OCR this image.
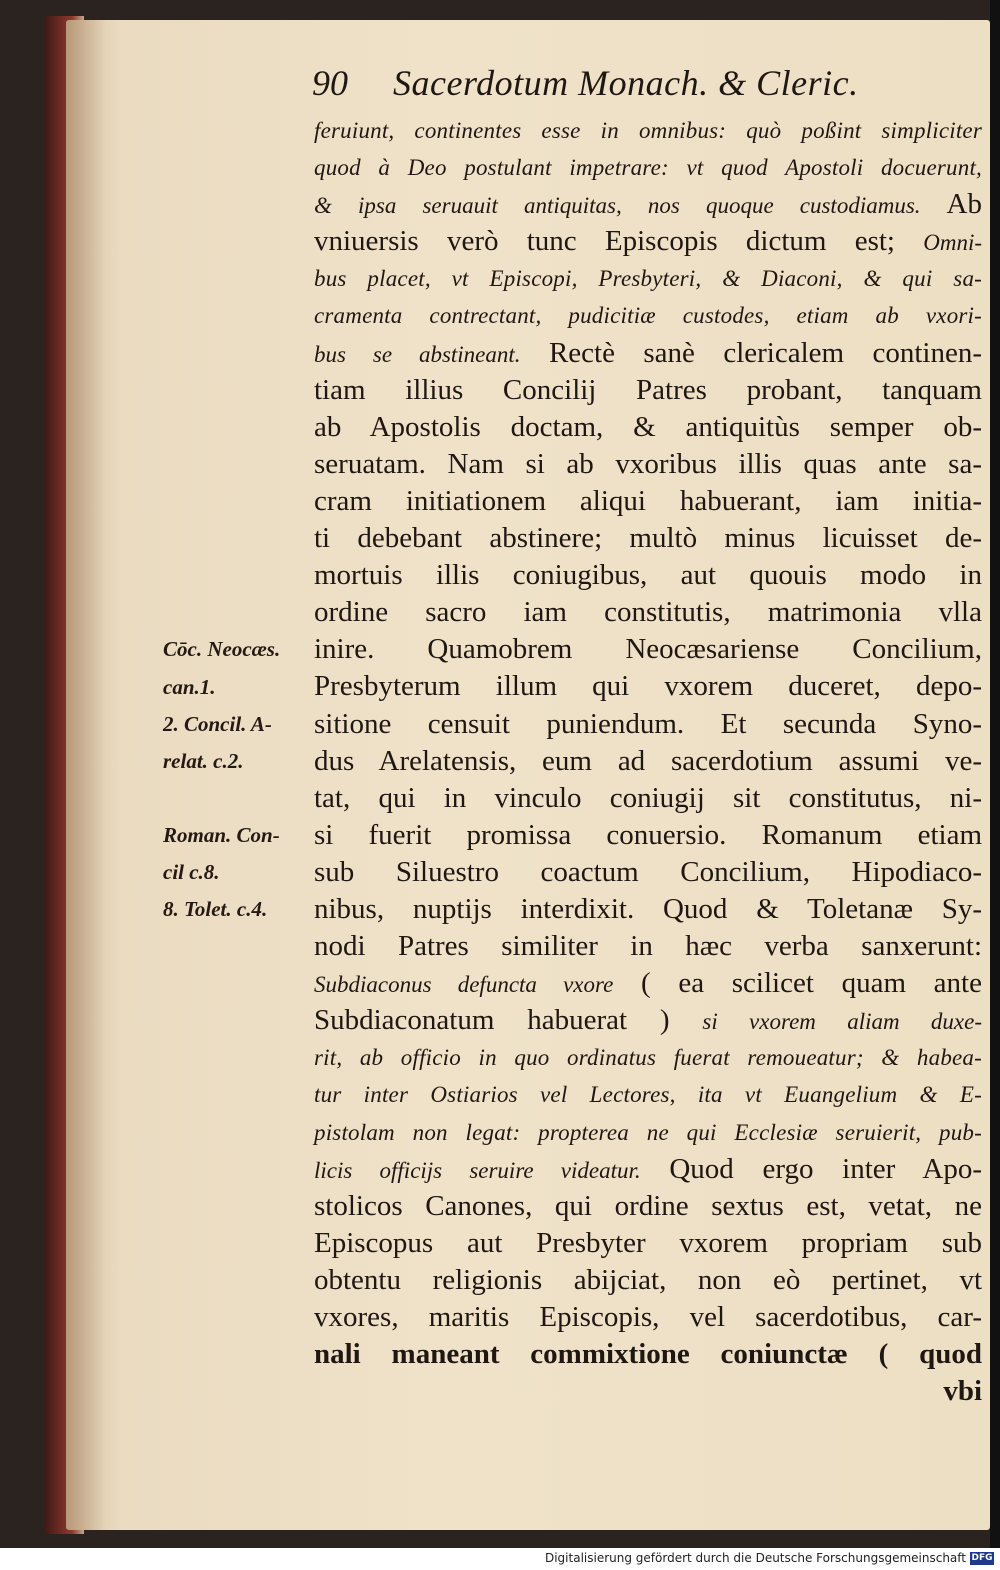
90 Sacerdotum Monach. & Cleric.
feruiunt, continentes esse in omnibus: quò poßint simpliciter
quod à Deo postulant impetrare: vt quod Apostoli docuerunt,
& ipsa seruauit antiquitas, nos quoque custodiamus. Ab
vniuersis verò tunc Episcopis dictum est; Omni-
bus placet, vt Episcopi, Presbyteri, & Diaconi, & qui sa-
cramenta contrectant, pudicitiæ custodes, etiam ab vxori-
bus se abstineant. Rectè sanè clericalem continen-
tiam illius Concilij Patres probant, tanquam
ab Apostolis doctam, & antiquitùs semper ob-
seruatam. Nam si ab vxoribus illis quas ante sa-
cram initiationem aliqui habuerant, iam initia-
ti debebant abstinere; multò minus licuisset de-
mortuis illis coniugibus, aut quouis modo in
ordine sacro iam constitutis, matrimonia vlla
inire. Quamobrem Neocæsariense Concilium,
Presbyterum illum qui vxorem duceret, depo-
sitione censuit puniendum. Et secunda Syno-
dus Arelatensis, eum ad sacerdotium assumi ve-
tat, qui in vinculo coniugij sit constitutus, ni-
si fuerit promissa conuersio. Romanum etiam
sub Siluestro coactum Concilium, Hipodiaco-
nibus, nuptijs interdixit. Quod & Toletanæ Sy-
nodi Patres similiter in hæc verba sanxerunt:
Subdiaconus defuncta vxore ( ea scilicet quam ante
Subdiaconatum habuerat ) si vxorem aliam duxe-
rit, ab officio in quo ordinatus fuerat remoueatur; & habea-
tur inter Ostiarios vel Lectores, ita vt Euangelium & E-
pistolam non legat: propterea ne qui Ecclesiæ seruierit, pub-
licis officijs seruire videatur. Quod ergo inter Apo-
stolicos Canones, qui ordine sextus est, vetat, ne
Episcopus aut Presbyter vxorem propriam sub
obtentu religionis abijciat, non eò pertinet, vt
vxores, maritis Episcopis, vel sacerdotibus, car-
nali maneant commixtione coniunctæ ( quod
vbi
Cōc. Neocæs.
can.1.
2. Concil. A-
relat. c.2.
Roman. Con-
cil c.8.
8. Tolet. c.4.
Digitalisierung gefördert durch die Deutsche Forschungsgemeinschaft DFG
